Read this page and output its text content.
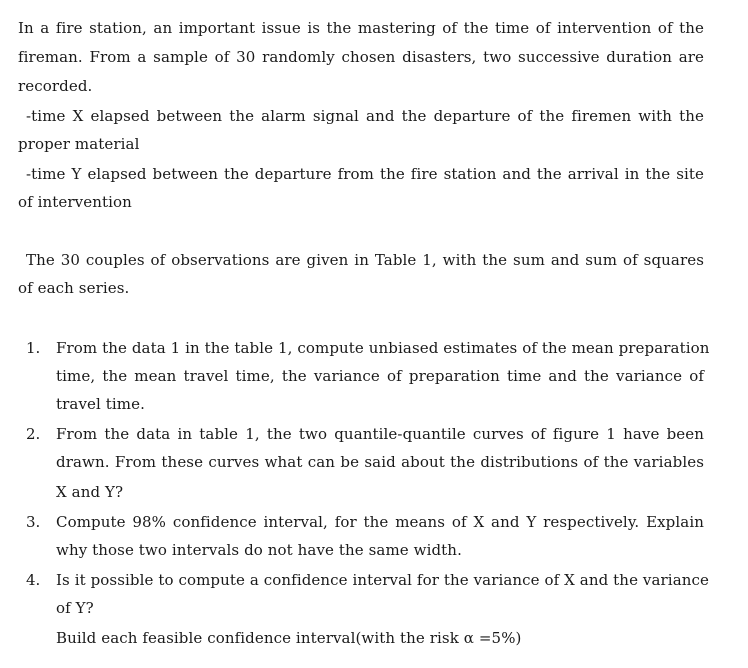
In a fire station, an important issue is the mastering of the time of intervention of the
fireman. From a sample of 30 randomly chosen disasters, two successive duration are
recorded.
-time X elapsed between the alarm signal and the departure of the firemen with the
proper material
-time Y elapsed between the departure from the fire station and the arrival in the site
of intervention
The 30 couples of observations are given in Table 1, with the sum and sum of squares
of each series.
1.	From the data 1 in the table 1, compute unbiased estimates of the mean preparation
time, the mean travel time, the variance of preparation time and the variance of
travel time.
2.	From the data in table 1, the two quantile-quantile curves of figure 1 have been
drawn. From these curves what can be said about the distributions of the variables
X and Y?
3.	Compute 98% confidence interval, for the means of X and Y respectively. Explain
why those two intervals do not have the same width.
4.	Is it possible to compute a confidence interval for the variance of X and the variance
of Y?
Build each feasible confidence interval(with the risk α =5%)
